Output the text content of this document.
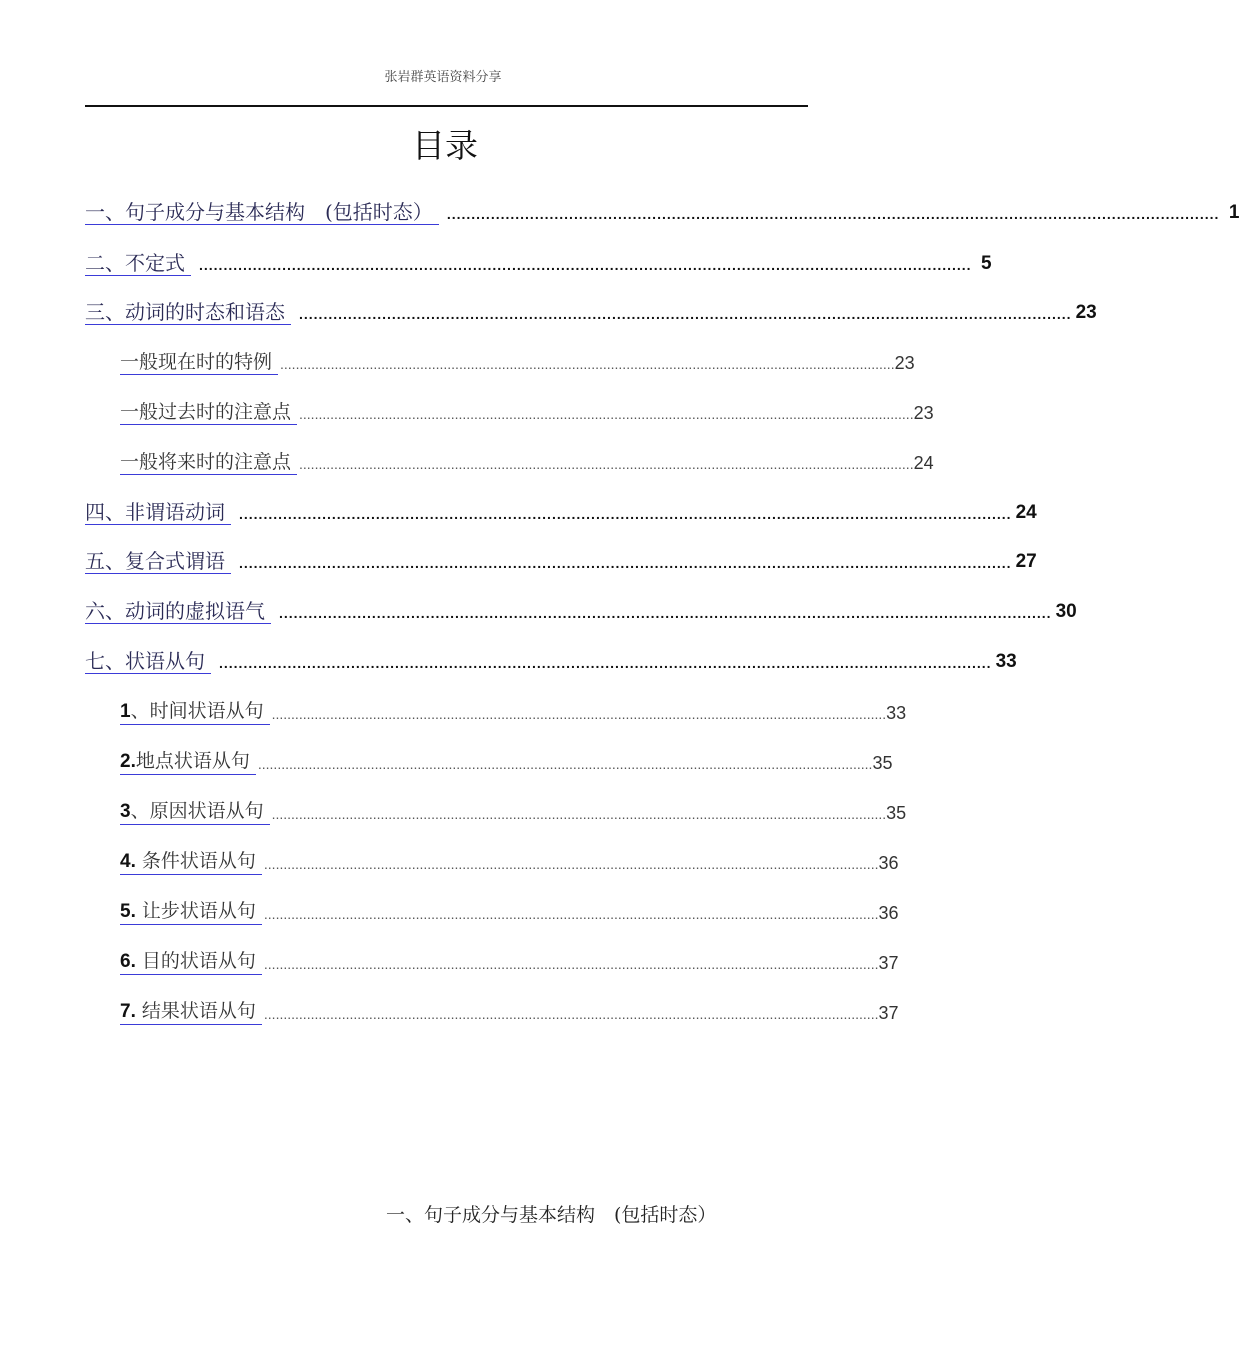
张岩群英语资料分享
目录
一、句子成分与基本结构　(包括时态）	.............................................................................................................................................................. 1
二、不定式	.............................................................................................................................................................. 5
三、动词的时态和语态	.............................................................................................................................................................. 23
一般现在时的特例 .............................................................................................................................................................. 23
一般过去时的注意点 .............................................................................................................................................................. 23
一般将来时的注意点 .............................................................................................................................................................. 24
四、非谓语动词	.............................................................................................................................................................. 24
五、复合式谓语	.............................................................................................................................................................. 27
六、动词的虚拟语气	.............................................................................................................................................................. 30
七、状语从句	.............................................................................................................................................................. 33
1、时间状语从句 .............................................................................................................................................................. 33
2.地点状语从句 .............................................................................................................................................................. 35
3、原因状语从句 .............................................................................................................................................................. 35
4. 条件状语从句 .............................................................................................................................................................. 36
5. 让步状语从句 .............................................................................................................................................................. 36
6. 目的状语从句 .............................................................................................................................................................. 37
7. 结果状语从句 .............................................................................................................................................................. 37
一、句子成分与基本结构　(包括时态）
